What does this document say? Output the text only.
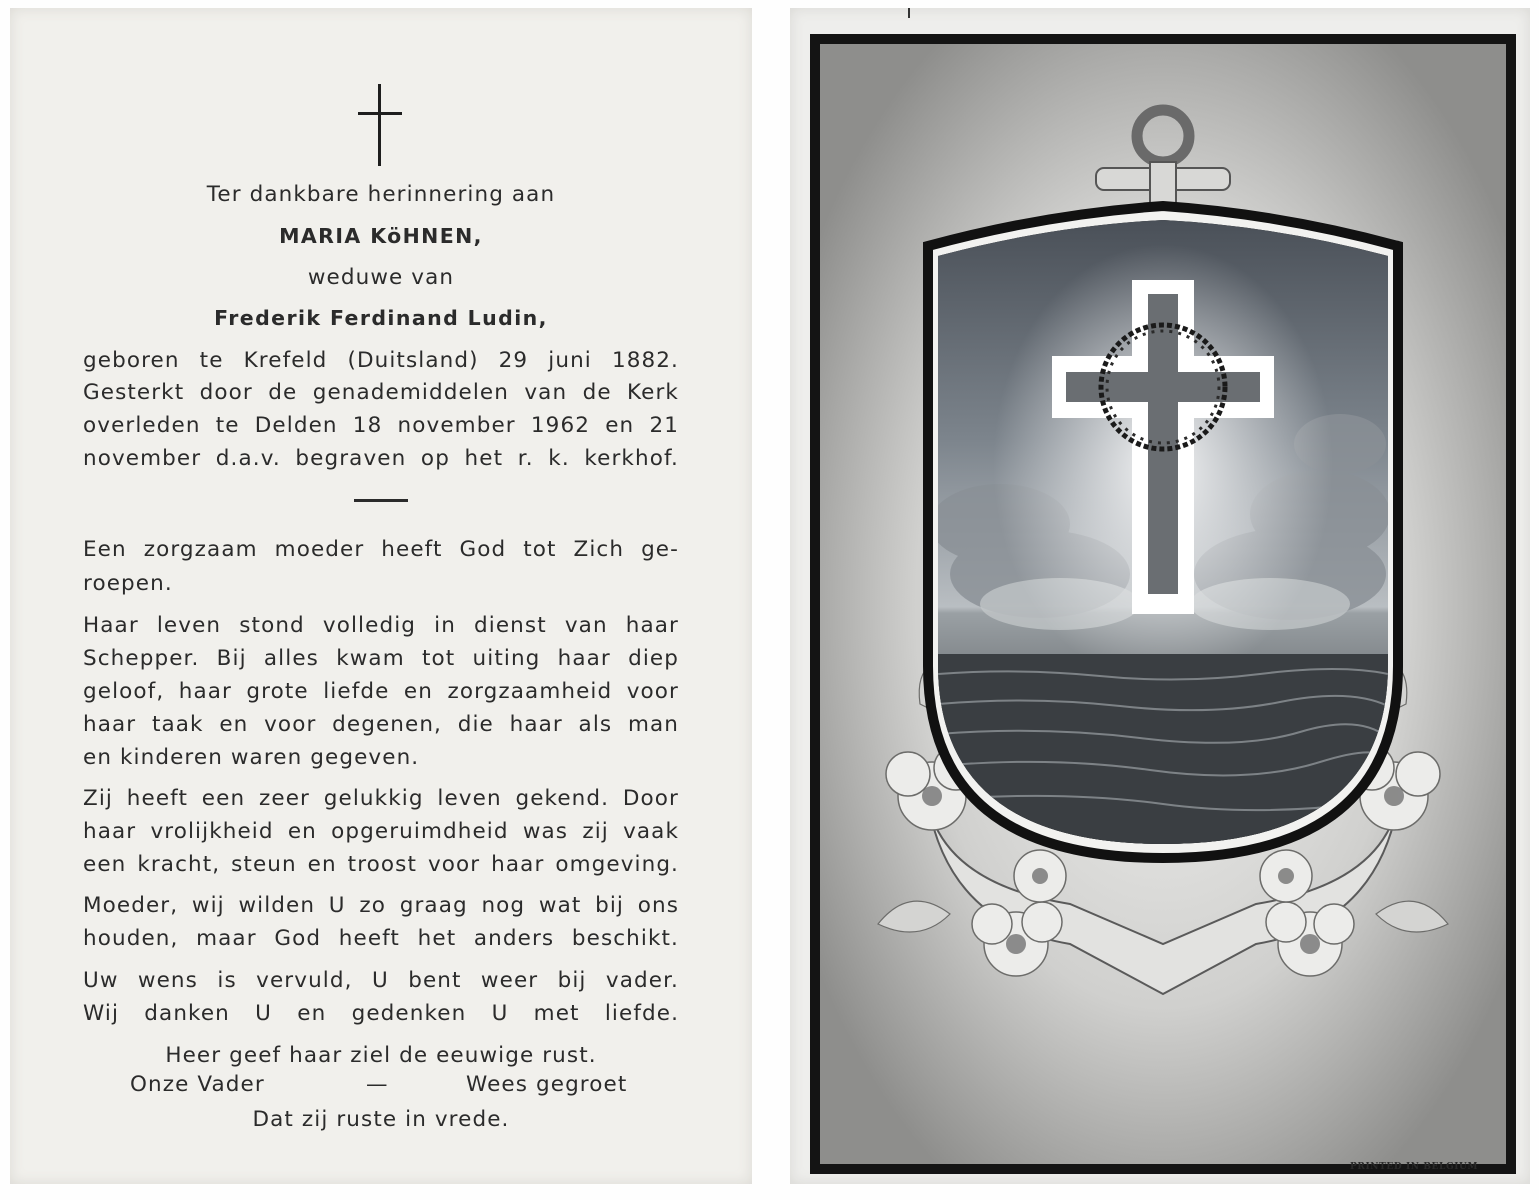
Ter dankbare herinnering aan
MARIA KöHNEN,
weduwe van
Frederik Ferdinand Ludin,
geboren te Krefeld (Duitsland) 29 juni 1882.
Gesterkt door de genademiddelen van de Kerk
overleden te Delden 18 november 1962 en 21
november d.a.v. begraven op het r. k. kerkhof.
Een zorgzaam moeder heeft God tot Zich ge-
roepen.
Haar leven stond volledig in dienst van haar
Schepper. Bij alles kwam tot uiting haar diep
geloof, haar grote liefde en zorgzaamheid voor
haar taak en voor degenen, die haar als man
en kinderen waren gegeven.
Zij heeft een zeer gelukkig leven gekend. Door
haar vrolijkheid en opgeruimdheid was zij vaak
een kracht, steun en troost voor haar omgeving.
Moeder, wij wilden U zo graag nog wat bij ons
houden, maar God heeft het anders beschikt.
Uw wens is vervuld, U bent weer bij vader.
Wij danken U en gedenken U met liefde.
Heer geef haar ziel de eeuwige rust.
Onze Vader	—	Wees gegroet
Dat zij ruste in vrede.
PRINTED IN BELGIUM
